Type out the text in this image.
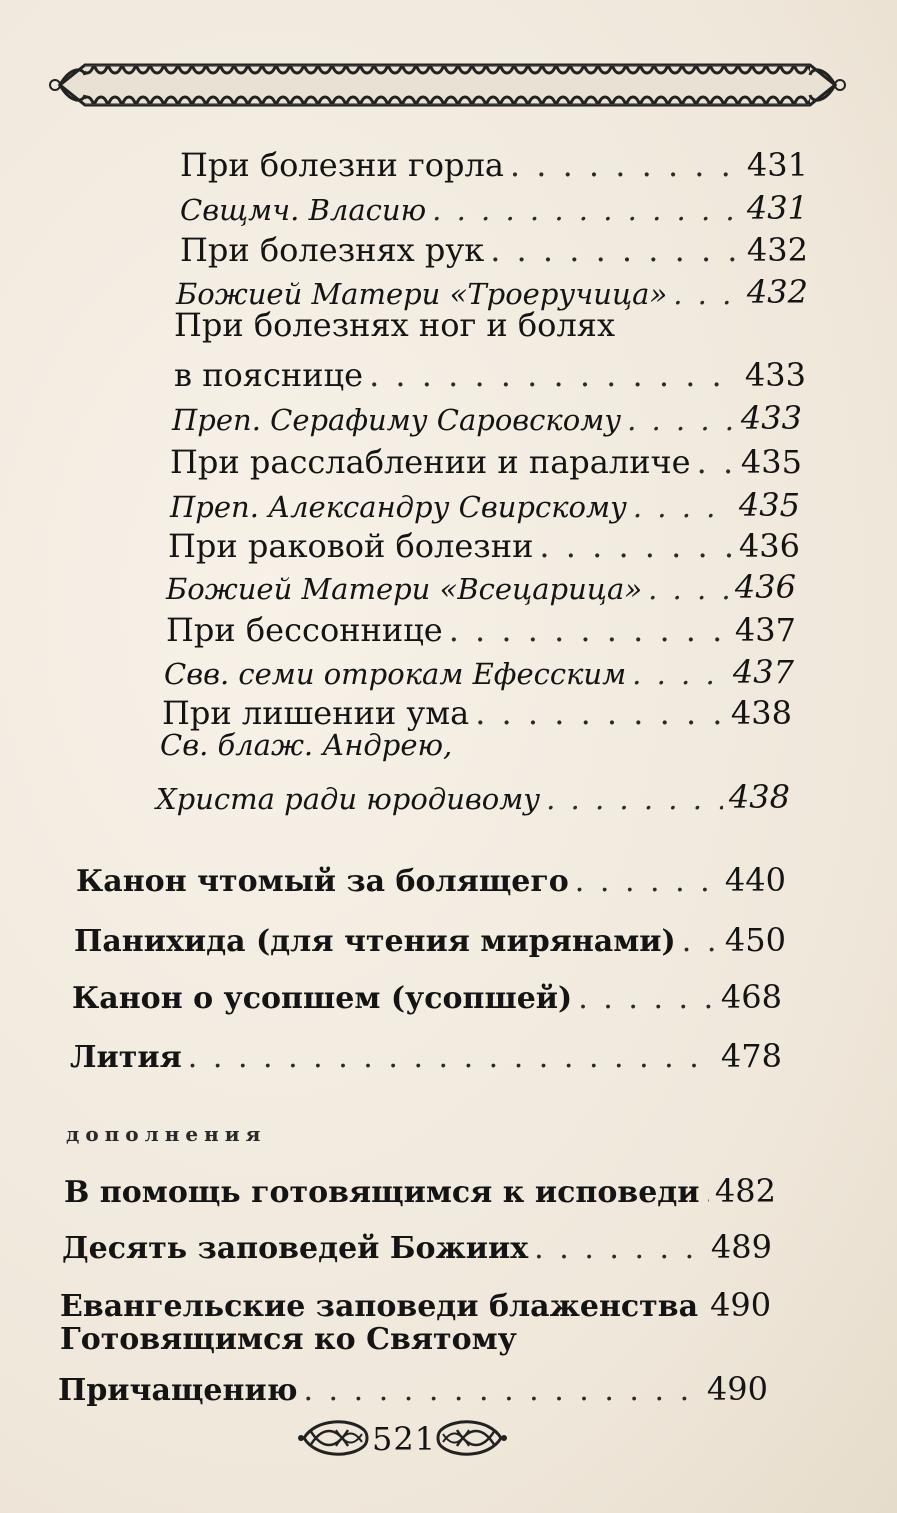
При болезни горла . . .	431
Свщмч. Власию . . .	431
При болезнях рук . . .	432
Божией Матери «Троеручица» . . . 432
При болезнях ног и болях
в пояснице . . .	433
Преп. Серафиму Саровскому . . .	433
При расслаблении и параличе . . . 435
Преп. Александру Свирскому . . .	435
При раковой болезни . . .	436
Божией Матери «Всецарица» . . .	436
При бессоннице . . .	437
Свв. семи отрокам Ефесским . . .	437
При лишении ума . . .	438
Св. блаж. Андрею,
Христа ради юродивому . . .	438
Канон чтомый за болящего . . .	440
Панихида (для чтения мирянами) . . . 450
Канон о усопшем (усопшей) . . .	468
Лития . . .	478
дополнения
В помощь готовящимся к исповеди . . . 482
Десять заповедей Божиих . . .	489
Евангельские заповеди блаженства 490
Готовящимся ко Святому
Причащению . . .	490
521
